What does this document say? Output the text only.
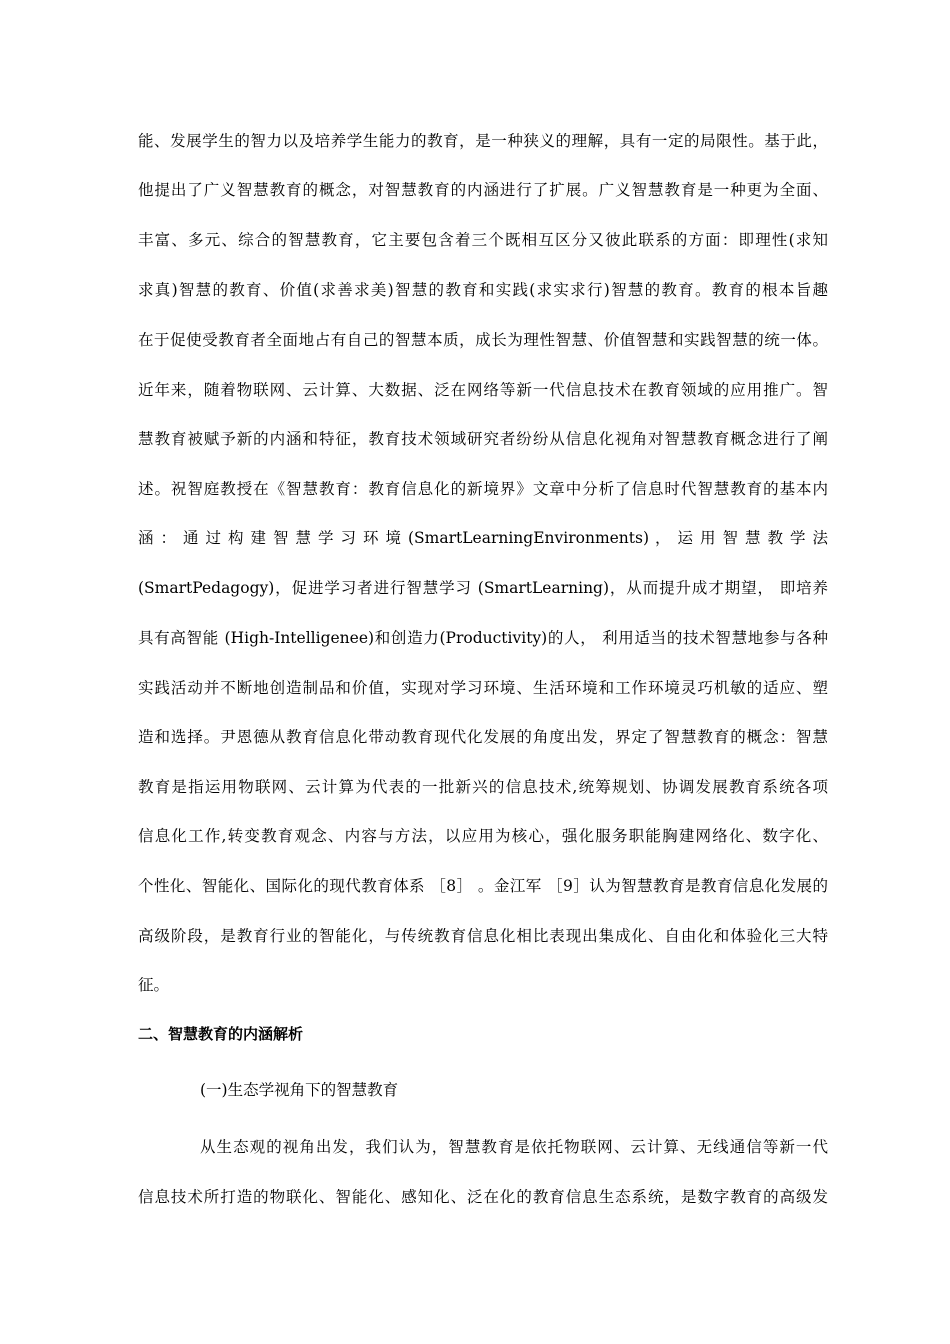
能、发展学生的智力以及培养学生能力的教育，是一种狭义的理解，具有一定的局限性。基于此，

他提出了广义智慧教育的概念，对智慧教育的内涵进行了扩展。广义智慧教育是一种更为全面、

丰富、多元、综合的智慧教育，它主要包含着三个既相互区分又彼此联系的方面：即理性(求知

求真)智慧的教育、价值(求善求美)智慧的教育和实践(求实求行)智慧的教育。教育的根本旨趣

在于促使受教育者全面地占有自己的智慧本质，成长为理性智慧、价值智慧和实践智慧的统一体。

近年来，随着物联网、云计算、大数据、泛在网络等新一代信息技术在教育领域的应用推广。智

慧教育被赋予新的内涵和特征，教育技术领域研究者纷纷从信息化视角对智慧教育概念进行了阐

述。祝智庭教授在《智慧教育：教育信息化的新境界》文章中分析了信息时代智慧教育的基本内

涵 ： 通 过 构 建 智 慧 学 习 环 境 (SmartLearningEnvironments) ， 运 用 智 慧 教 学 法

(SmartPedagogy)，促进学习者进行智慧学习 (SmartLearning)，从而提升成才期望， 即培养

具有高智能 (High-Intelligenee)和创造力(Productivity)的人， 利用适当的技术智慧地参与各种

实践活动并不断地创造制品和价值，实现对学习环境、生活环境和工作环境灵巧机敏的适应、塑

造和选择。尹恩德从教育信息化带动教育现代化发展的角度出发，界定了智慧教育的概念：智慧

教育是指运用物联网、云计算为代表的一批新兴的信息技术,统筹规划、协调发展教育系统各项

信息化工作,转变教育观念、内容与方法，以应用为核心，强化服务职能胸建网络化、数字化、

个性化、智能化、国际化的现代教育体系 ［8］ 。金江军 ［9］认为智慧教育是教育信息化发展的

高级阶段，是教育行业的智能化，与传统教育信息化相比表现出集成化、自由化和体验化三大特

征。

二、智慧教育的内涵解析
(一)生态学视角下的智慧教育

从生态观的视角出发，我们认为，智慧教育是依托物联网、云计算、无线通信等新一代

信息技术所打造的物联化、智能化、感知化、泛在化的教育信息生态系统，是数字教育的高级发
